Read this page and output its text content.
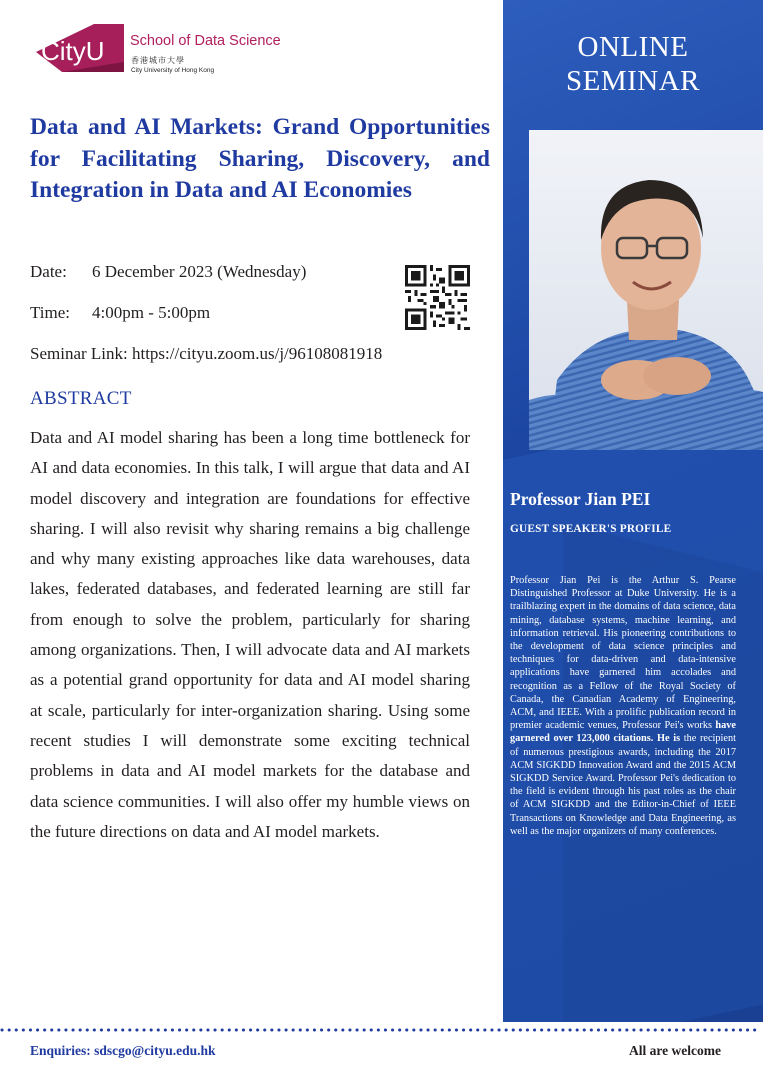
ONLINE
SEMINAR
Professor Jian PEI
GUEST SPEAKER'S PROFILE
Professor Jian Pei is the Arthur S. Pearse Distinguished Professor at Duke University. He is a trailblazing expert in the domains of data science, data mining, database systems, machine learning, and information retrieval. His pioneering contributions to the development of data science principles and techniques for data-driven and data-intensive applications have garnered him accolades and recognition as a Fellow of the Royal Society of Canada, the Canadian Academy of Engineering, ACM, and IEEE. With a prolific publication record in premier academic venues, Professor Pei's works have garnered over 123,000 citations. He is the recipient of numerous prestigious awards, including the 2017 ACM SIGKDD Innovation Award and the 2015 ACM SIGKDD Service Award. Professor Pei's dedication to the field is evident through his past roles as the chair of ACM SIGKDD and the Editor-in-Chief of IEEE Transactions on Knowledge and Data Engineering, as well as the major organizers of many conferences.
CityU School of Data Science
香港城市大學
City University of Hong Kong
Data and AI Markets: Grand Opportunities for Facilitating Sharing, Discovery, and Integration in Data and AI Economies
Date: 6 December 2023 (Wednesday)
Time: 4:00pm - 5:00pm
Seminar Link: https://cityu.zoom.us/j/96108081918
ABSTRACT
Data and AI model sharing has been a long time bottleneck for AI and data economies. In this talk, I will argue that data and AI model discovery and integration are foundations for effective sharing. I will also revisit why sharing remains a big challenge and why many existing approaches like data warehouses, data lakes, federated databases, and federated learning are still far from enough to solve the problem, particularly for sharing among organizations. Then, I will advocate data and AI markets as a potential grand opportunity for data and AI model sharing at scale, particularly for inter-organization sharing. Using some recent studies I will demonstrate some exciting technical problems in data and AI model markets for the database and data science communities. I will also offer my humble views on the future directions on data and AI model markets.
Enquiries: sdscgo@cityu.edu.hk	All are welcome
